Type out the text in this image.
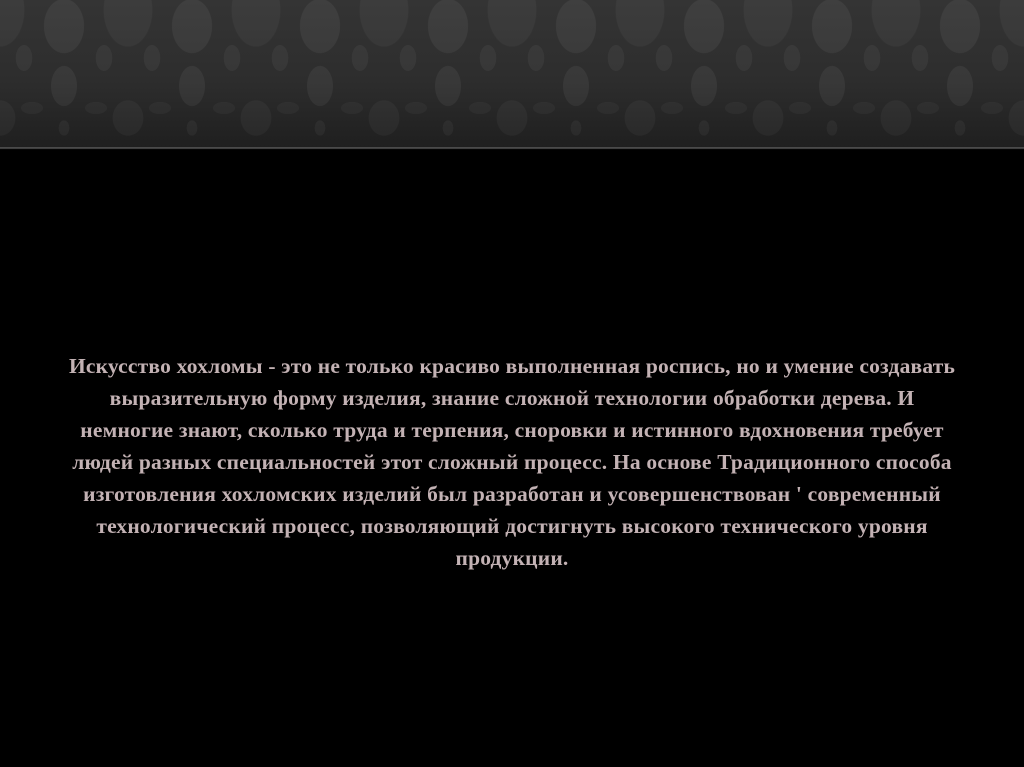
Искусство хохломы - это не только красиво выполненная роспись, но и умение создавать выразительную форму изделия, знание сложной технологии обработки дерева. И немногие знают, сколько труда и терпения, сноровки и истинного вдохновения требует людей разных специальностей этот сложный процесс. На основе Традиционного способа изготовления хохломских изделий был разработан и усовершенствован ' современный технологический процесс, позволяющий достигнуть высокого технического уровня продукции.
